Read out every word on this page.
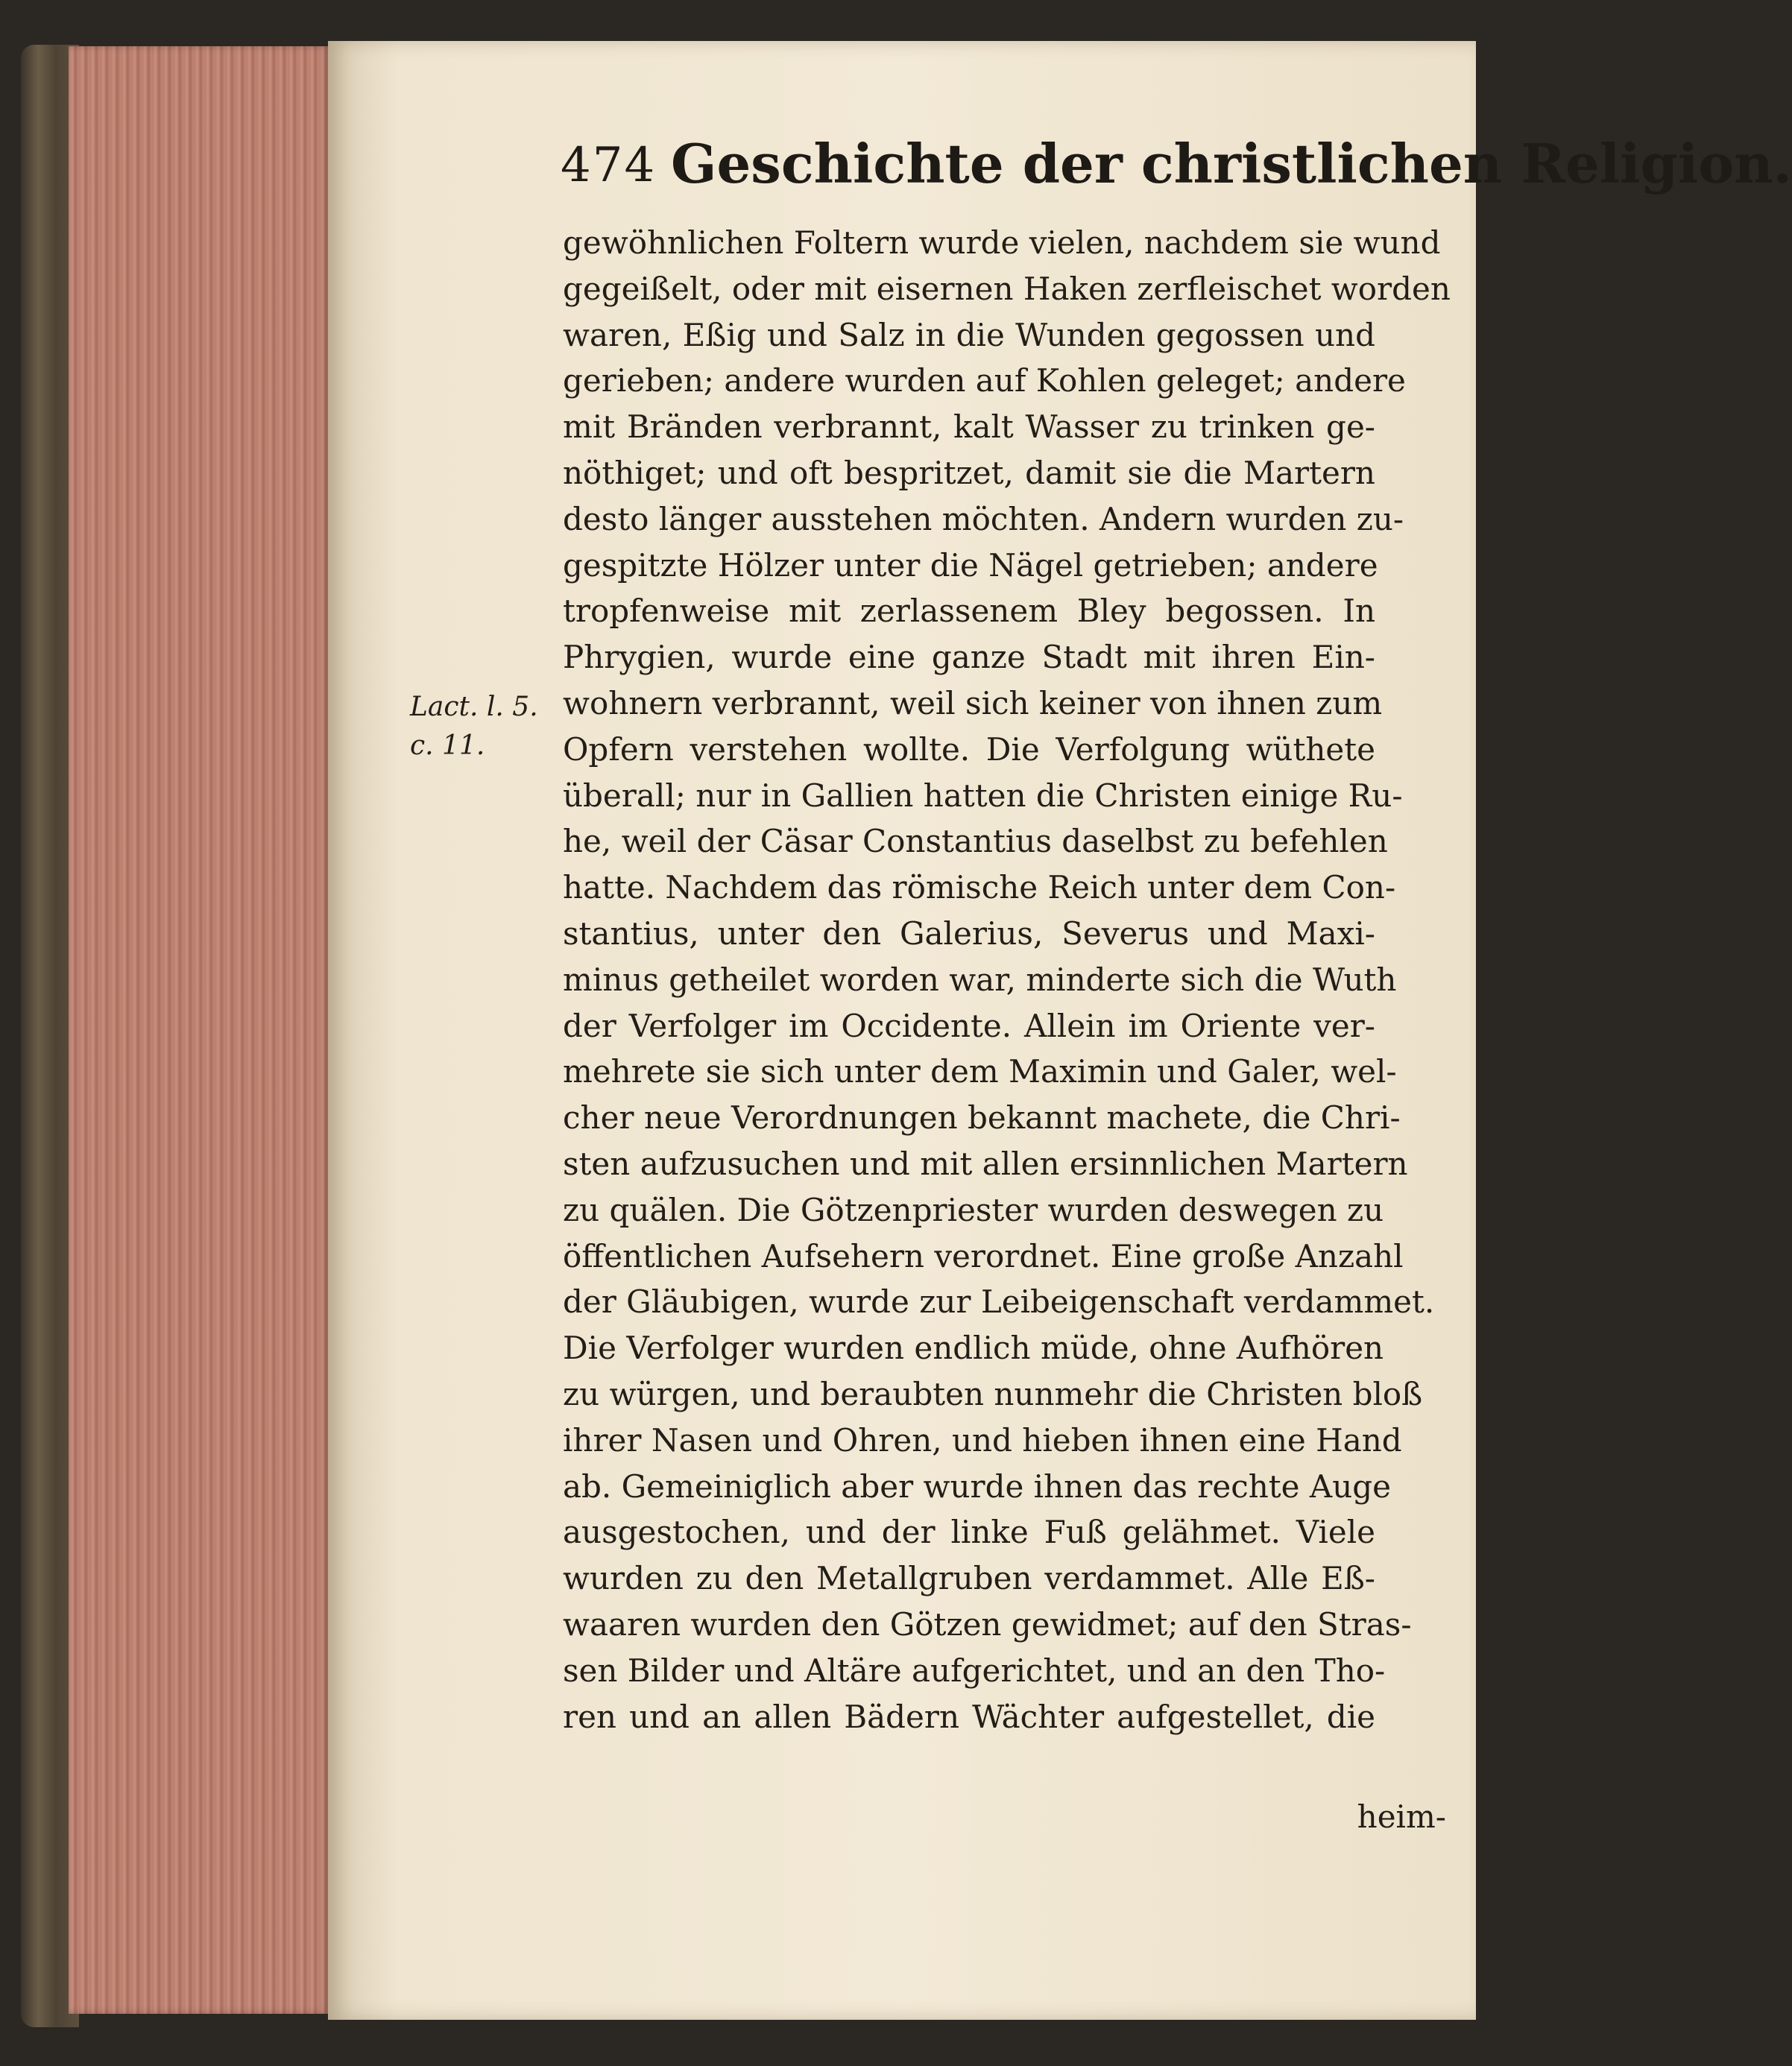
474 Geschichte der christlichen Religion.
Lact. l. 5.
c. 11.
gewöhnlichen Foltern wurde vielen, nachdem sie wund
gegeißelt, oder mit eisernen Haken zerfleischet worden
waren, Eßig und Salz in die Wunden gegossen und
gerieben; andere wurden auf Kohlen geleget; andere
mit Bränden verbrannt, kalt Wasser zu trinken ge-
nöthiget; und oft bespritzet, damit sie die Martern
desto länger ausstehen möchten. Andern wurden zu-
gespitzte Hölzer unter die Nägel getrieben; andere
tropfenweise mit zerlassenem Bley begossen. In
Phrygien, wurde eine ganze Stadt mit ihren Ein-
wohnern verbrannt, weil sich keiner von ihnen zum
Opfern verstehen wollte. Die Verfolgung wüthete
überall; nur in Gallien hatten die Christen einige Ru-
he, weil der Cäsar Constantius daselbst zu befehlen
hatte. Nachdem das römische Reich unter dem Con-
stantius, unter den Galerius, Severus und Maxi-
minus getheilet worden war, minderte sich die Wuth
der Verfolger im Occidente. Allein im Oriente ver-
mehrete sie sich unter dem Maximin und Galer, wel-
cher neue Verordnungen bekannt machete, die Chri-
sten aufzusuchen und mit allen ersinnlichen Martern
zu quälen. Die Götzenpriester wurden deswegen zu
öffentlichen Aufsehern verordnet. Eine große Anzahl
der Gläubigen, wurde zur Leibeigenschaft verdammet.
Die Verfolger wurden endlich müde, ohne Aufhören
zu würgen, und beraubten nunmehr die Christen bloß
ihrer Nasen und Ohren, und hieben ihnen eine Hand
ab. Gemeiniglich aber wurde ihnen das rechte Auge
ausgestochen, und der linke Fuß gelähmet. Viele
wurden zu den Metallgruben verdammet. Alle Eß-
waaren wurden den Götzen gewidmet; auf den Stras-
sen Bilder und Altäre aufgerichtet, und an den Tho-
ren und an allen Bädern Wächter aufgestellet, die
heim-
